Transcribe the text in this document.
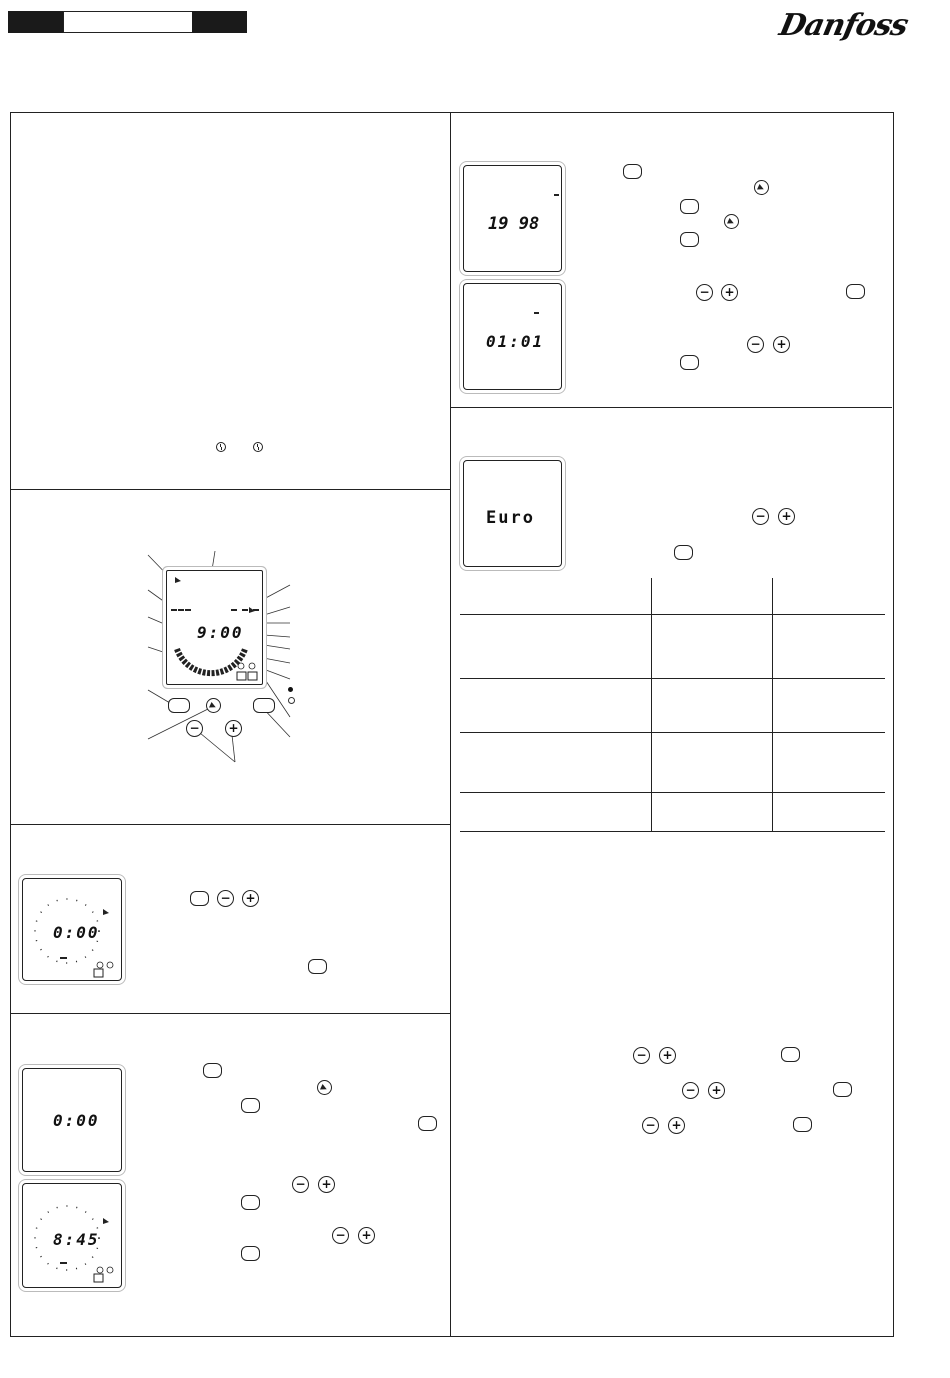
Danfoss
9:00
− +
0:00
− +
0:00
8:45
− +
− +
19 98
01:01
− +
− +
Euro	− +
− +
− +
− +
